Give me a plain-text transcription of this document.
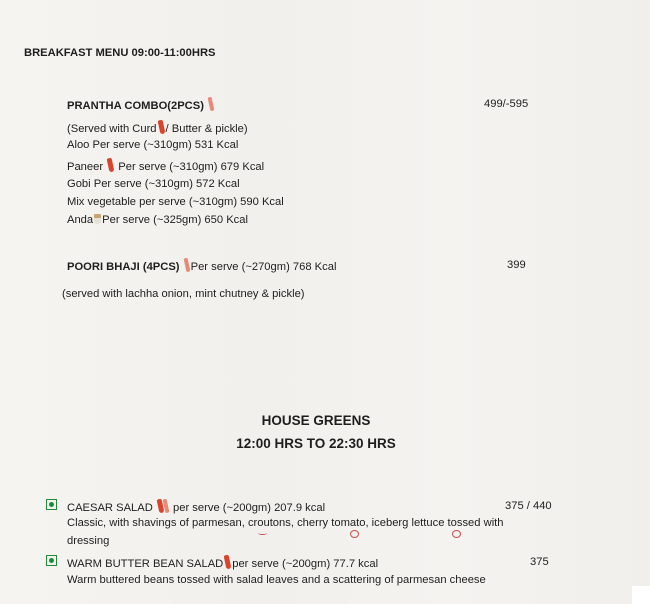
BREAKFAST MENU 09:00-11:00HRS
PRANTHA COMBO(2PCS)	499/-595
(Served with Curd / Butter & pickle)
Aloo Per serve (~310gm) 531 Kcal
Paneer Per serve (~310gm) 679 Kcal
Gobi Per serve (~310gm) 572 Kcal
Mix vegetable per serve (~310gm) 590 Kcal
Anda Per serve (~325gm) 650 Kcal
POORI BHAJI (4PCS) Per serve (~270gm) 768 Kcal	399
(served with lachha onion, mint chutney & pickle)
HOUSE GREENS
12:00 HRS TO 22:30 HRS
CAESAR SALAD per serve (~200gm) 207.9 kcal	375 / 440
Classic, with shavings of parmesan, croutons, cherry tomato, iceberg lettuce tossed with
dressing
WARM BUTTER BEAN SALAD per serve (~200gm) 77.7 kcal	375
Warm buttered beans tossed with salad leaves and a scattering of parmesan cheese
